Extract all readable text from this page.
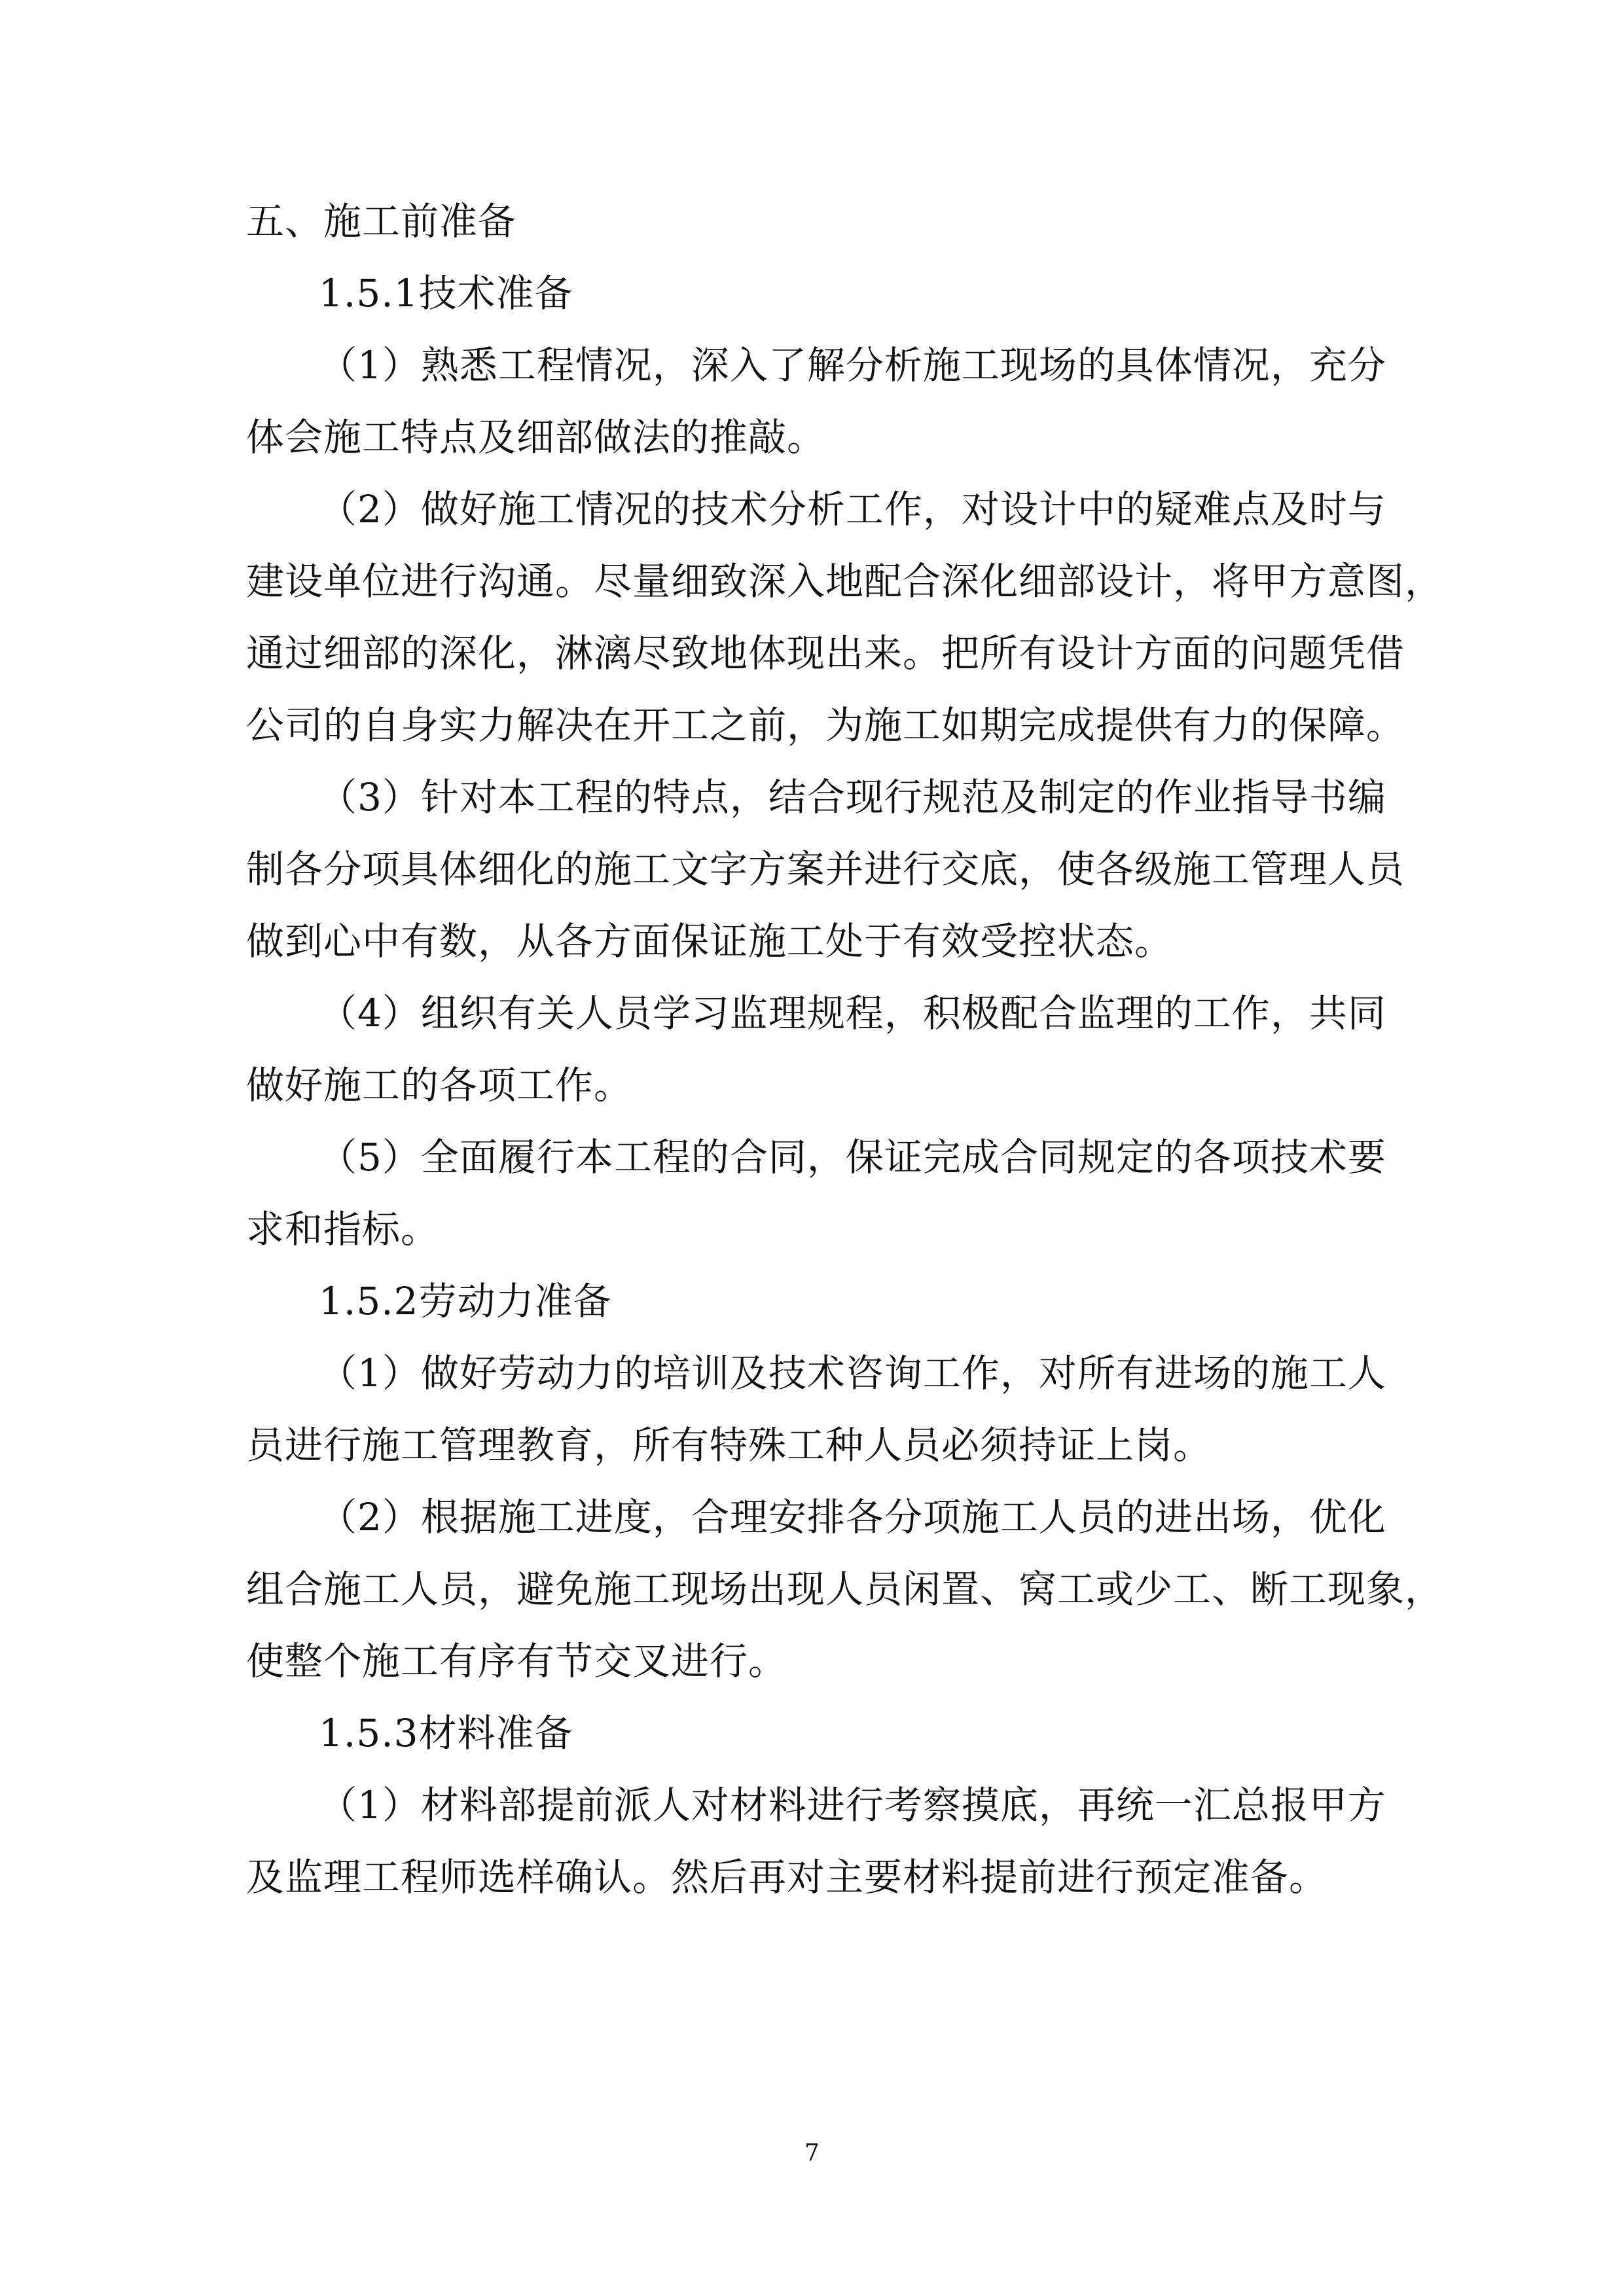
五、施工前准备
1.5.1技术准备
（1）熟悉工程情况，深入了解分析施工现场的具体情况，充分
体会施工特点及细部做法的推敲。
（2）做好施工情况的技术分析工作，对设计中的疑难点及时与
建设单位进行沟通。尽量细致深入地配合深化细部设计，将甲方意图，
通过细部的深化，淋漓尽致地体现出来。把所有设计方面的问题凭借
公司的自身实力解决在开工之前，为施工如期完成提供有力的保障。
（3）针对本工程的特点，结合现行规范及制定的作业指导书编
制各分项具体细化的施工文字方案并进行交底，使各级施工管理人员
做到心中有数，从各方面保证施工处于有效受控状态。
（4）组织有关人员学习监理规程，积极配合监理的工作，共同
做好施工的各项工作。
（5）全面履行本工程的合同，保证完成合同规定的各项技术要
求和指标。
1.5.2劳动力准备
（1）做好劳动力的培训及技术咨询工作，对所有进场的施工人
员进行施工管理教育，所有特殊工种人员必须持证上岗。
（2）根据施工进度，合理安排各分项施工人员的进出场，优化
组合施工人员，避免施工现场出现人员闲置、窝工或少工、断工现象，
使整个施工有序有节交叉进行。
1.5.3材料准备
（1）材料部提前派人对材料进行考察摸底，再统一汇总报甲方
及监理工程师选样确认。然后再对主要材料提前进行预定准备。
7
